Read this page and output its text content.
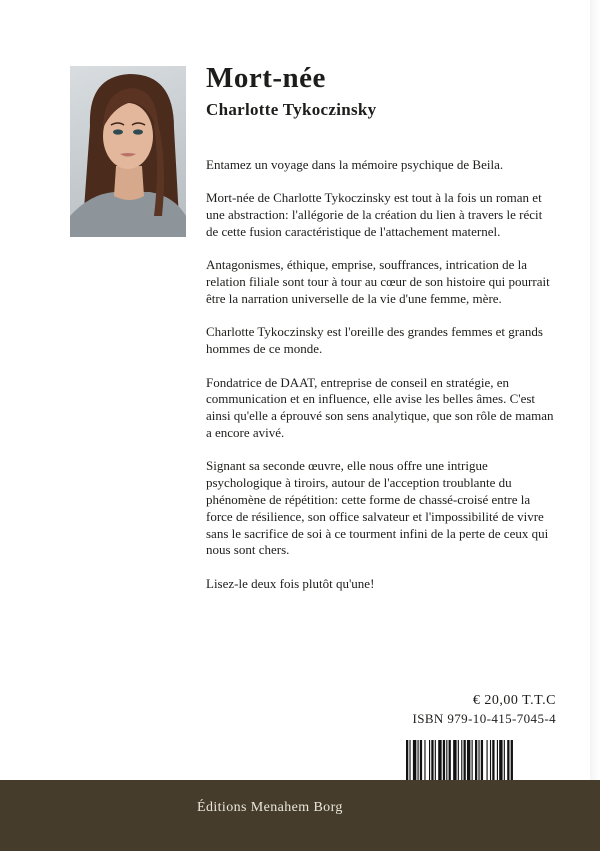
Mort-née
Charlotte Tykoczinsky

Entamez un voyage dans la mémoire psychique de Beila.

Mort-née de Charlotte Tykoczinsky est tout à la fois un roman et une abstraction: l'allégorie de la création du lien à travers le récit de cette fusion caractéristique de l'attachement maternel.

Antagonismes, éthique, emprise, souffrances, intrication de la relation filiale sont tour à tour au cœur de son histoire qui pourrait être la narration universelle de la vie d'une femme, mère.

Charlotte Tykoczinsky est l'oreille des grandes femmes et grands hommes de ce monde.

Fondatrice de DAAT, entreprise de conseil en stratégie, en communication et en influence, elle avise les belles âmes. C'est ainsi qu'elle a éprouvé son sens analytique, que son rôle de maman a encore avivé.

Signant sa seconde œuvre, elle nous offre une intrigue psychologique à tiroirs, autour de l'acception troublante du phénomène de répétition: cette forme de chassé-croisé entre la force de résilience, son office salvateur et l'impossibilité de vivre sans le sacrifice de soi à ce tourment infini de la perte de ceux qui nous sont chers.

Lisez-le deux fois plutôt qu'une!

€ 20,00 T.T.C
ISBN 979-10-415-7045-4
Éditions Menahem Borg
